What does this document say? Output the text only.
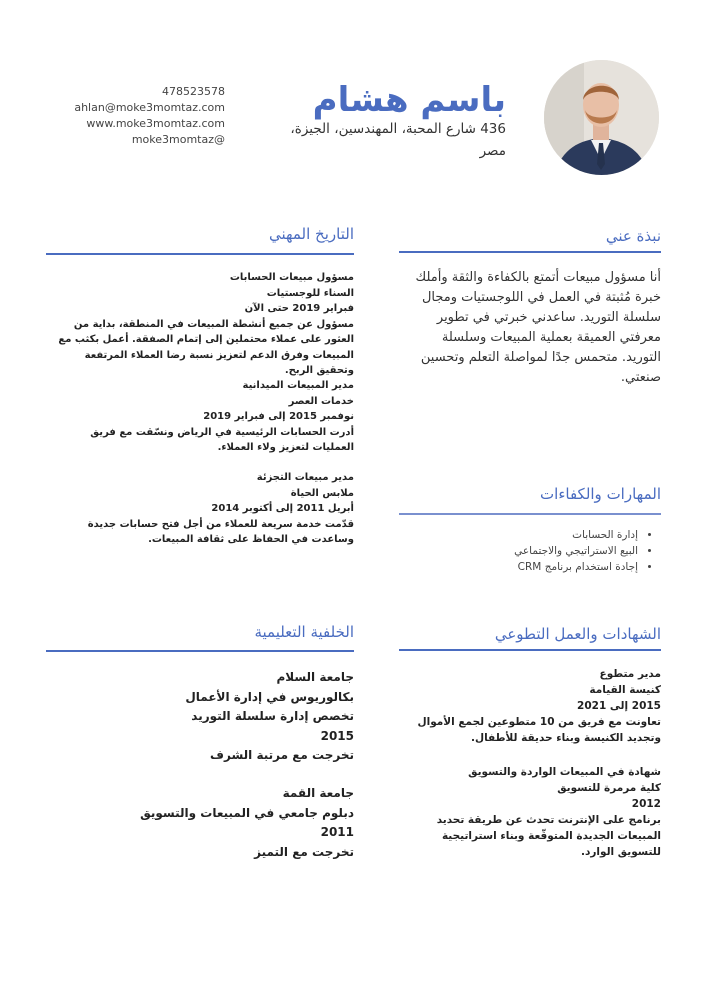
باسم هشام
436 شارع المحبة، المهندسين، الجيزة، مصر
478523578
ahlan@moke3momtaz.com
www.moke3momtaz.com
moke3momtaz@
نبذة عني
أنا مسؤول مبيعات أتمتع بالكفاءة والثقة وأملك خبرة مُثبتة في العمل في اللوجستيات ومجال سلسلة التوريد. ساعدني خبرتي في تطوير معرفتي العميقة بعملية المبيعات وسلسلة التوريد. متحمس جدًا لمواصلة التعلم وتحسين صنعتي.
المهارات والكفاءات
• إدارة الحسابات
• البيع الاستراتيجي والاجتماعي
• إجادة استخدام برنامج CRM
الشهادات والعمل التطوعي
مدير متطوع
كنيسة القيامة
2015 إلى 2021
تعاونت مع فريق من 10 متطوعين لجمع الأموال وتجديد الكنيسة وبناء حديقة للأطفال.
شهادة في المبيعات الواردة والتسويق
كلية مرمرة للتسويق
2012
برنامج على الإنترنت تحدث عن طريقة تحديد المبيعات الجديدة المتوقّعة وبناء استراتيجية للتسويق الوارد.
التاريخ المهني
مسؤول مبيعات الحسابات
السناء للوجستيات
فبراير 2019 حتى الآن
مسؤول عن جميع أنشطة المبيعات في المنطقة، بداية من العثور على عملاء محتملين إلى إتمام الصفقة. أعمل بكثب مع المبيعات وفرق الدعم لتعزيز نسبة رضا العملاء المرتفعة وتحقيق الربح.
مدير المبيعات الميدانية
خدمات العصر
نوفمبر 2015 إلى فبراير 2019
أدرت الحسابات الرئيسية في الرياض ونسّقت مع فريق العمليات لتعزيز ولاء العملاء.
مدير مبيعات التجزئة
ملابس الحياة
أبريل 2011 إلى أكتوبر 2014
قدّمت خدمة سريعة للعملاء من أجل فتح حسابات جديدة وساعدت في الحفاظ على ثقافة المبيعات.
الخلفية التعليمية
جامعة السلام
بكالوريوس في إدارة الأعمال
تخصص إدارة سلسلة التوريد
2015
تخرجت مع مرتبة الشرف
جامعة القمة
دبلوم جامعي في المبيعات والتسويق
2011
تخرجت مع التميز
